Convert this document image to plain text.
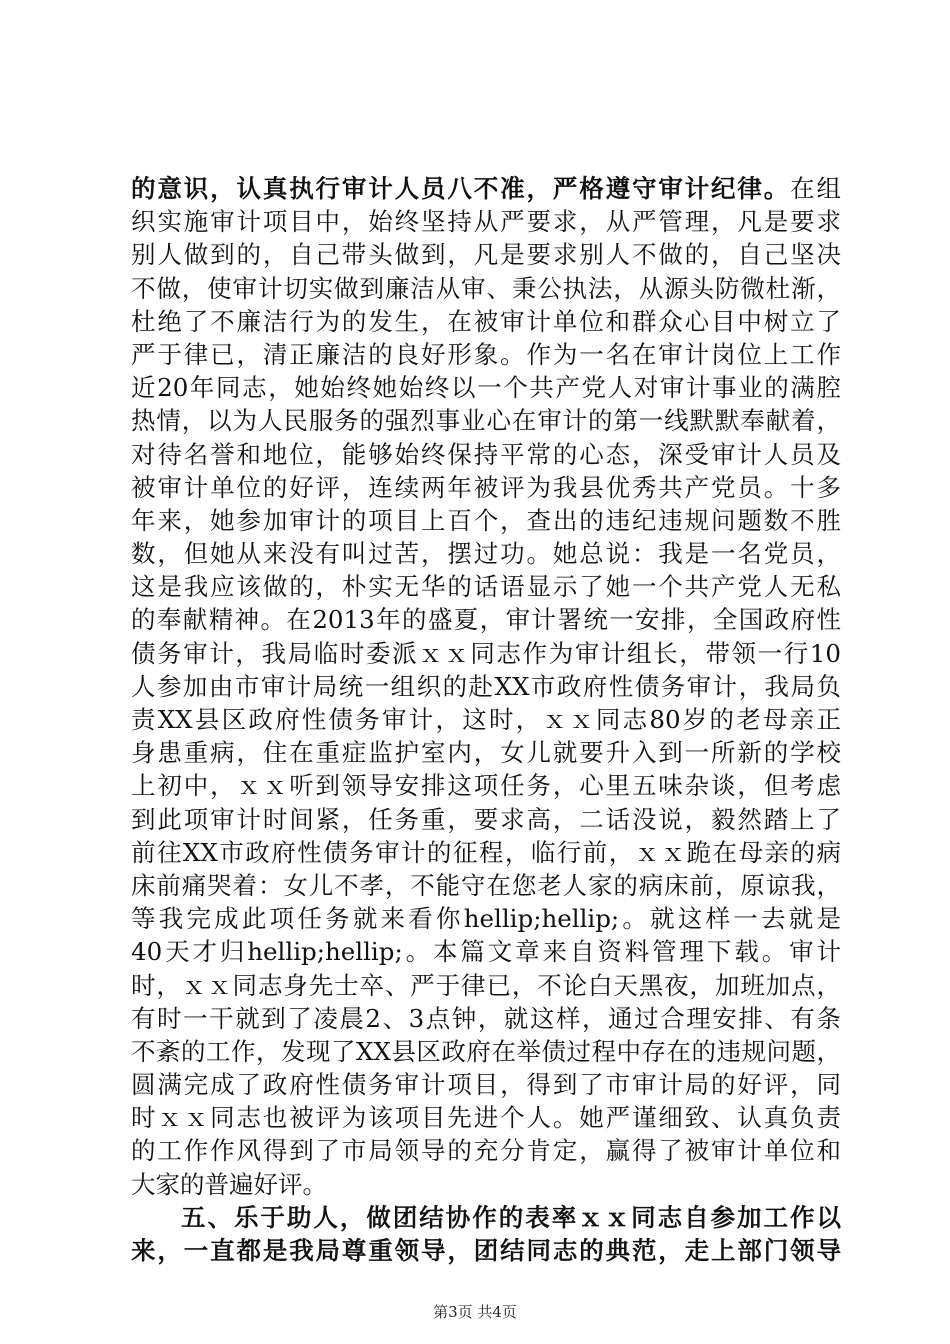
的意识，认真执行审计人员八不准，严格遵守审计纪律。在组
织实施审计项目中，始终坚持从严要求，从严管理，凡是要求
别人做到的，自己带头做到，凡是要求别人不做的，自己坚决
不做，使审计切实做到廉洁从审、秉公执法，从源头防微杜渐，
杜绝了不廉洁行为的发生，在被审计单位和群众心目中树立了
严于律已，清正廉洁的良好形象。作为一名在审计岗位上工作
近20年同志，她始终她始终以一个共产党人对审计事业的满腔
热情，以为人民服务的强烈事业心在审计的第一线默默奉献着，
对待名誉和地位，能够始终保持平常的心态，深受审计人员及
被审计单位的好评，连续两年被评为我县优秀共产党员。十多
年来，她参加审计的项目上百个，查出的违纪违规问题数不胜
数，但她从来没有叫过苦，摆过功。她总说：我是一名党员，
这是我应该做的，朴实无华的话语显示了她一个共产党人无私
的奉献精神。在2013年的盛夏，审计署统一安排，全国政府性
债务审计，我局临时委派ｘｘ同志作为审计组长，带领一行10
人参加由市审计局统一组织的赴XX市政府性债务审计，我局负
责XX县区政府性债务审计，这时，ｘｘ同志80岁的老母亲正
身患重病，住在重症监护室内，女儿就要升入到一所新的学校
上初中，ｘｘ听到领导安排这项任务，心里五味杂谈，但考虑
到此项审计时间紧，任务重，要求高，二话没说，毅然踏上了
前往XX市政府性债务审计的征程，临行前，ｘｘ跪在母亲的病
床前痛哭着：女儿不孝，不能守在您老人家的病床前，原谅我，
等我完成此项任务就来看你hellip;hellip;。就这样一去就是
40天才归hellip;hellip;。本篇文章来自资料管理下载。审计
时，ｘｘ同志身先士卒、严于律已，不论白天黑夜，加班加点，
有时一干就到了凌晨2、3点钟，就这样，通过合理安排、有条
不紊的工作，发现了XX县区政府在举债过程中存在的违规问题，
圆满完成了政府性债务审计项目，得到了市审计局的好评，同
时ｘｘ同志也被评为该项目先进个人。她严谨细致、认真负责
的工作作风得到了市局领导的充分肯定，赢得了被审计单位和
大家的普遍好评。
五、乐于助人，做团结协作的表率ｘｘ同志自参加工作以
来，一直都是我局尊重领导，团结同志的典范，走上部门领导
第3页 共4页
